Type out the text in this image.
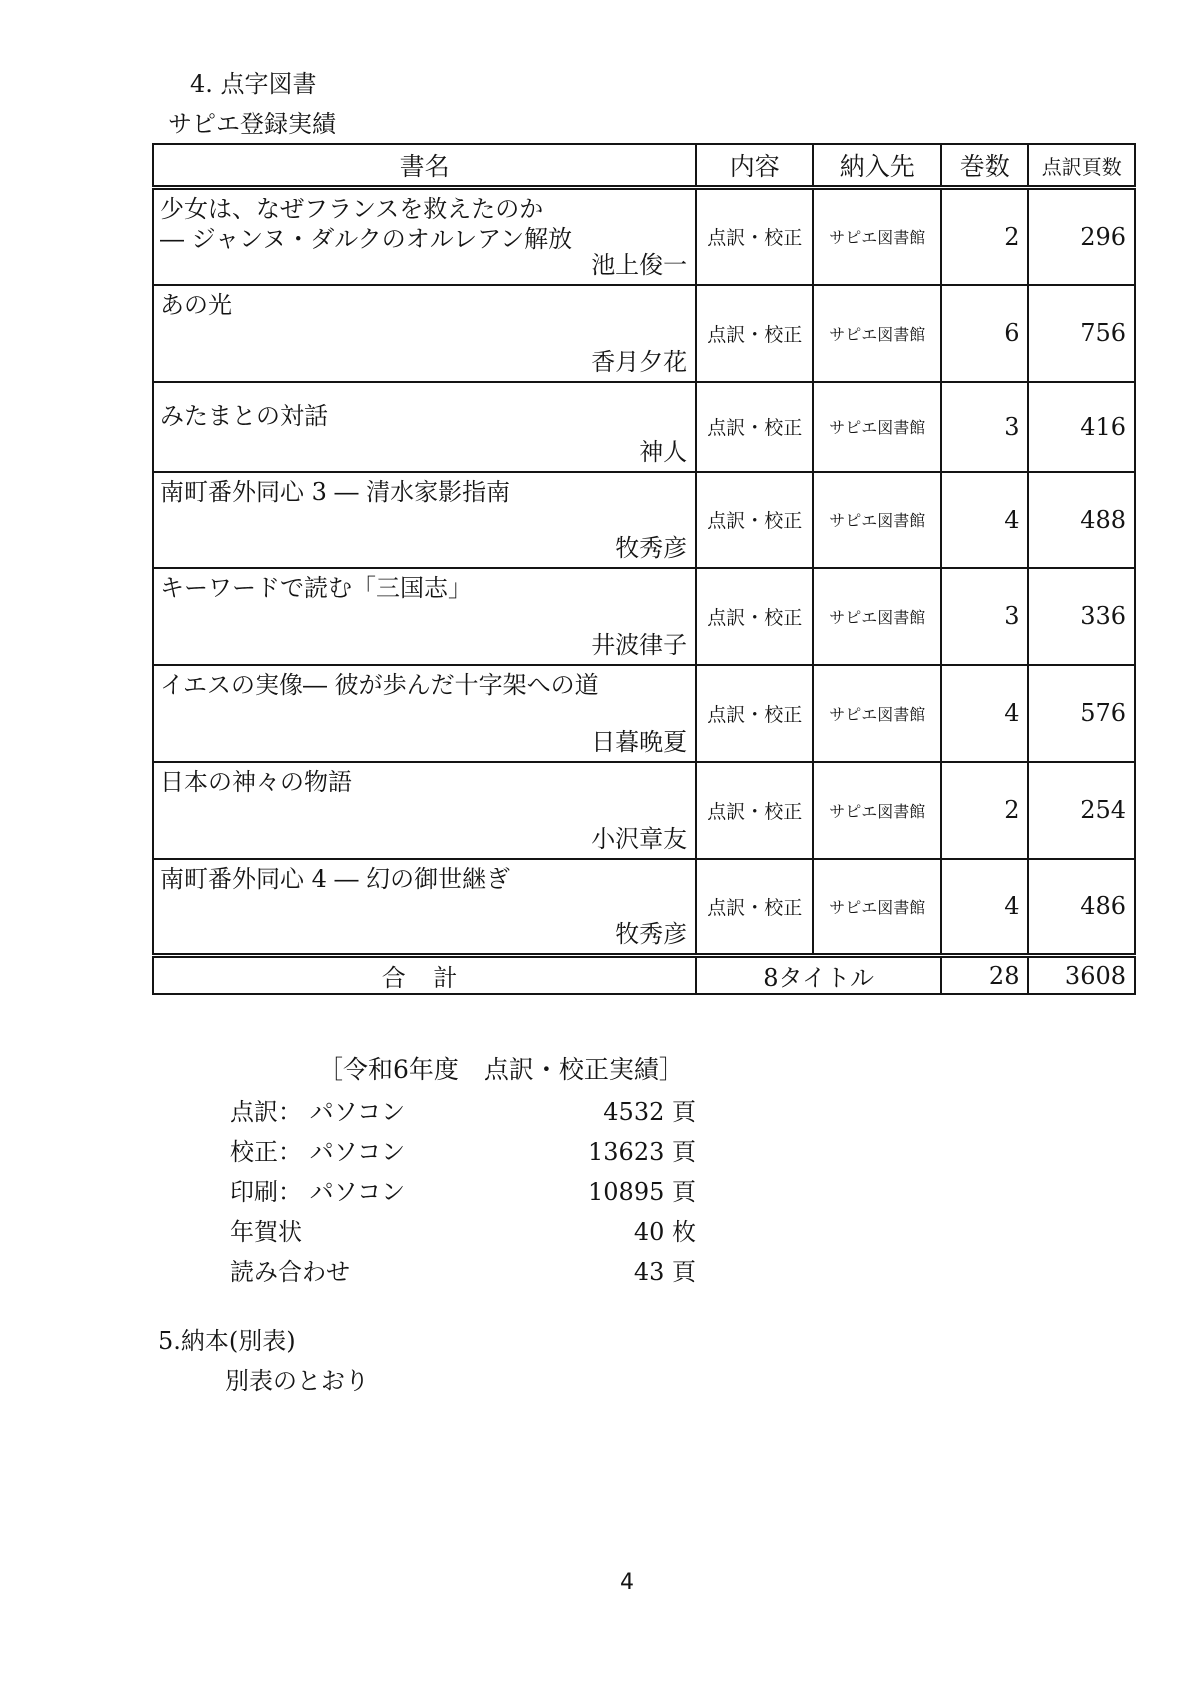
4. 点字図書
サピエ登録実績
書名	内容	納入先	巻数	点訳頁数

少女は、なぜフランスを救えたのか
― ジャンヌ・ダルクのオルレアン解放
池上俊一	点訳・校正	サピエ図書館	2	296

あの光
香月夕花	点訳・校正	サピエ図書館	6	756

みたまとの対話
神人	点訳・校正	サピエ図書館	3	416

南町番外同心 3 ― 清水家影指南
牧秀彦	点訳・校正	サピエ図書館	4	488

キーワードで読む「三国志」
井波律子	点訳・校正	サピエ図書館	3	336

イエスの実像― 彼が歩んだ十字架への道
日暮晩夏	点訳・校正	サピエ図書館	4	576

日本の神々の物語
小沢章友	点訳・校正	サピエ図書館	2	254

南町番外同心 4 ― 幻の御世継ぎ
牧秀彦	点訳・校正	サピエ図書館	4	486
合 計	8タイトル		28	3608
［令和6年度　点訳・校正実績］
点訳： パソコン	4532 頁
校正： パソコン	13623 頁
印刷： パソコン	10895 頁
年賀状	40 枚
読み合わせ	43 頁
5.納本(別表)
別表のとおり
4
